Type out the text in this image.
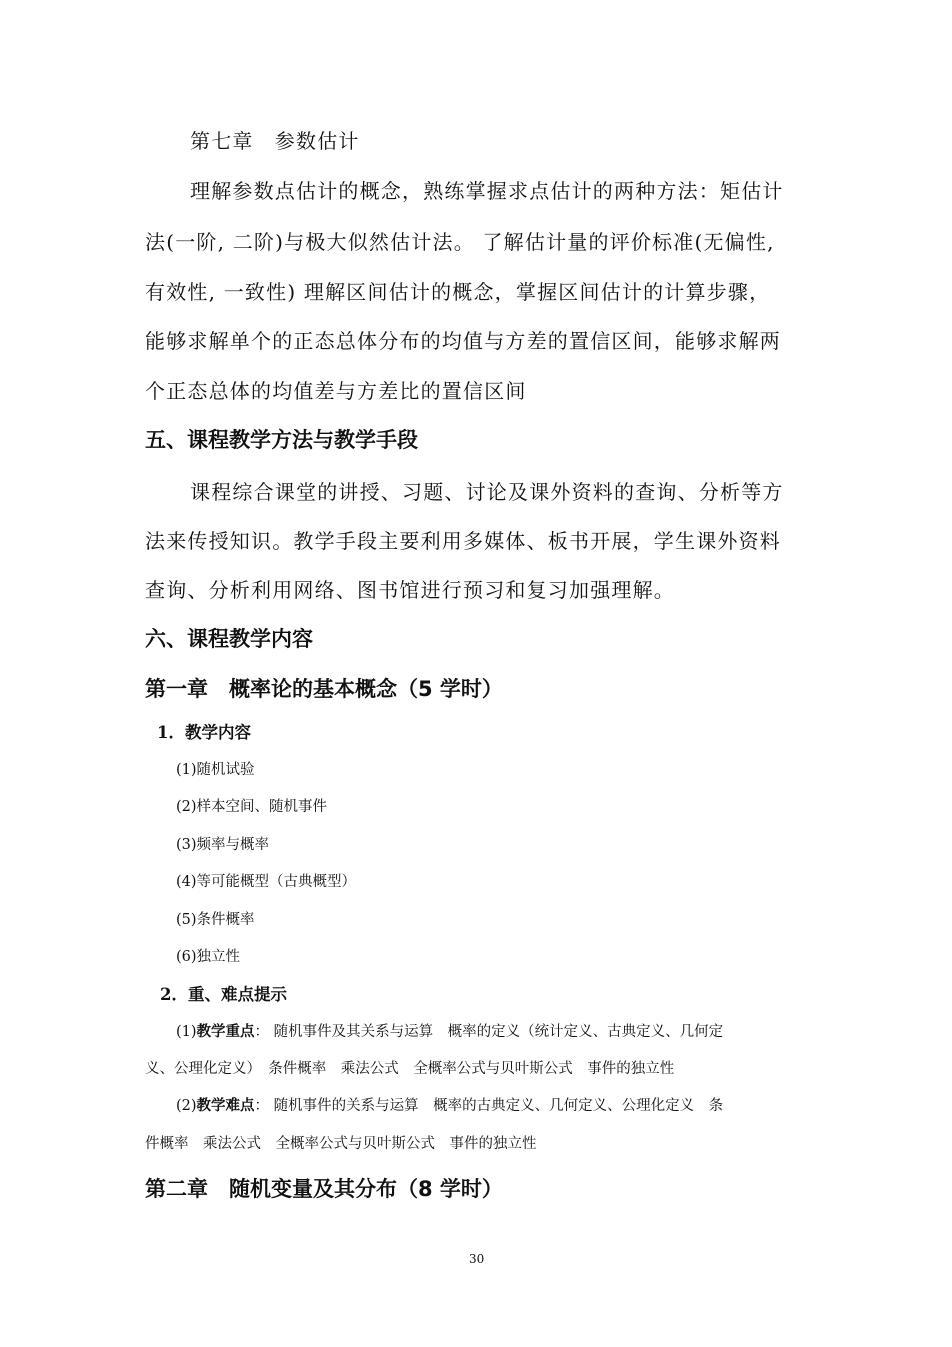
第七章　参数估计
理解参数点估计的概念，熟练掌握求点估计的两种方法：矩估计
法(一阶, 二阶)与极大似然估计法。 了解估计量的评价标准(无偏性,
有效性, 一致性) 理解区间估计的概念，掌握区间估计的计算步骤，
能够求解单个的正态总体分布的均值与方差的置信区间，能够求解两
个正态总体的均值差与方差比的置信区间
五、课程教学方法与教学手段
课程综合课堂的讲授、习题、讨论及课外资料的查询、分析等方
法来传授知识。教学手段主要利用多媒体、板书开展，学生课外资料
查询、分析利用网络、图书馆进行预习和复习加强理解。
六、课程教学内容
第一章　概率论的基本概念（5 学时）
1．教学内容
(1)随机试验
(2)样本空间、随机事件
(3)频率与概率
(4)等可能概型（古典概型）
(5)条件概率
(6)独立性
2．重、难点提示
(1)教学重点： 随机事件及其关系与运算　概率的定义（统计定义、古典定义、几何定
义、公理化定义）　条件概率　乘法公式　全概率公式与贝叶斯公式　事件的独立性
(2)教学难点： 随机事件的关系与运算　概率的古典定义、几何定义、公理化定义　条
件概率　乘法公式　全概率公式与贝叶斯公式　事件的独立性
第二章　随机变量及其分布（8 学时）
30
